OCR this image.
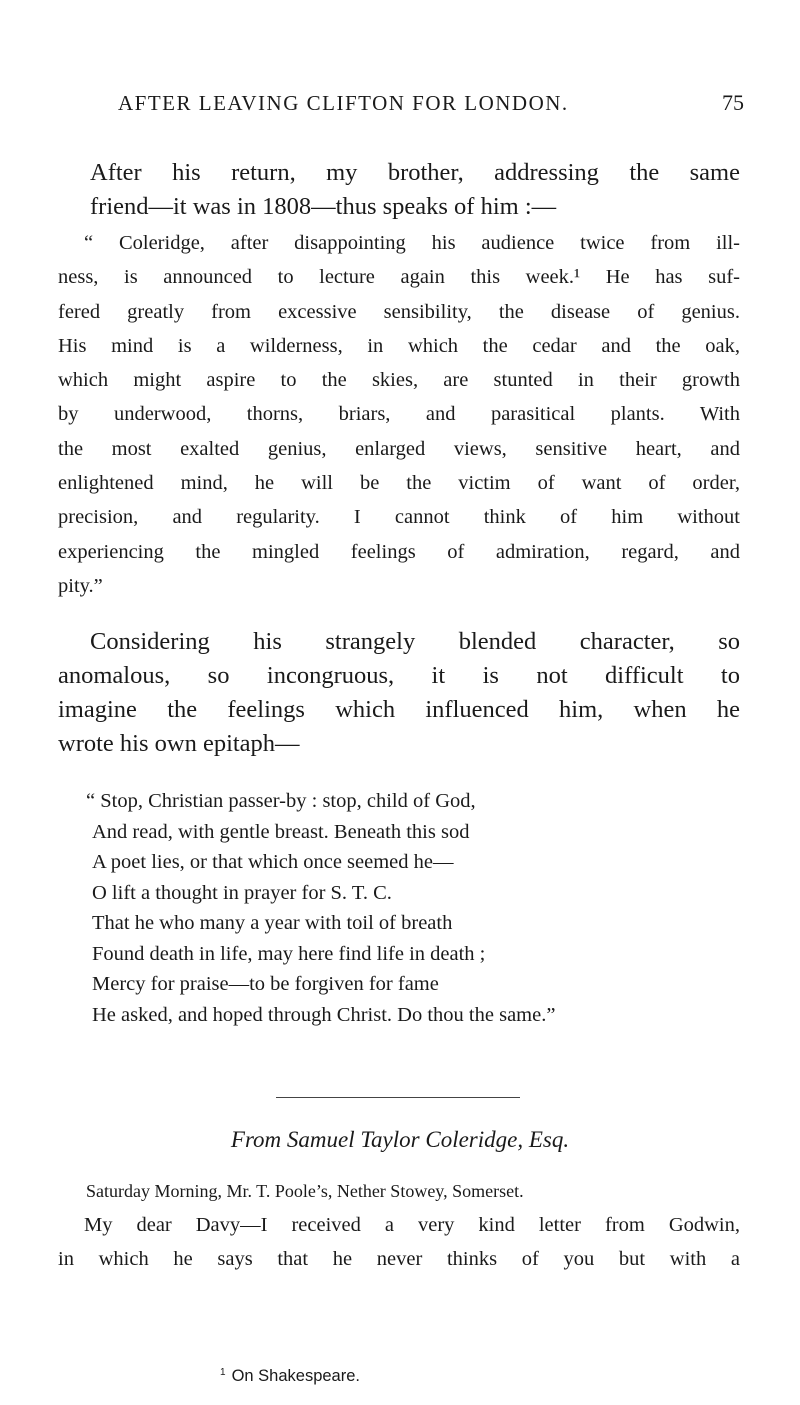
AFTER LEAVING CLIFTON FOR LONDON.	75
After his return, my brother, addressing the same
friend—it was in 1808—thus speaks of him :—
“ Coleridge, after disappointing his audience twice from ill-
ness, is announced to lecture again this week.¹ He has suf-
fered greatly from excessive sensibility, the disease of genius.
His mind is a wilderness, in which the cedar and the oak,
which might aspire to the skies, are stunted in their growth
by underwood, thorns, briars, and parasitical plants. With
the most exalted genius, enlarged views, sensitive heart, and
enlightened mind, he will be the victim of want of order,
precision, and regularity. I cannot think of him without
experiencing the mingled feelings of admiration, regard, and
pity.”
Considering his strangely blended character, so
anomalous, so incongruous, it is not difficult to
imagine the feelings which influenced him, when he
wrote his own epitaph—
“ Stop, Christian passer-by : stop, child of God,
And read, with gentle breast. Beneath this sod
A poet lies, or that which once seemed he—
O lift a thought in prayer for S. T. C.
That he who many a year with toil of breath
Found death in life, may here find life in death ;
Mercy for praise—to be forgiven for fame
He asked, and hoped through Christ. Do thou the same.”
From Samuel Taylor Coleridge, Esq.
Saturday Morning, Mr. T. Poole’s, Nether Stowey, Somerset.
My dear Davy—I received a very kind letter from Godwin,
in which he says that he never thinks of you but with a
$^1$ On Shakespeare.
